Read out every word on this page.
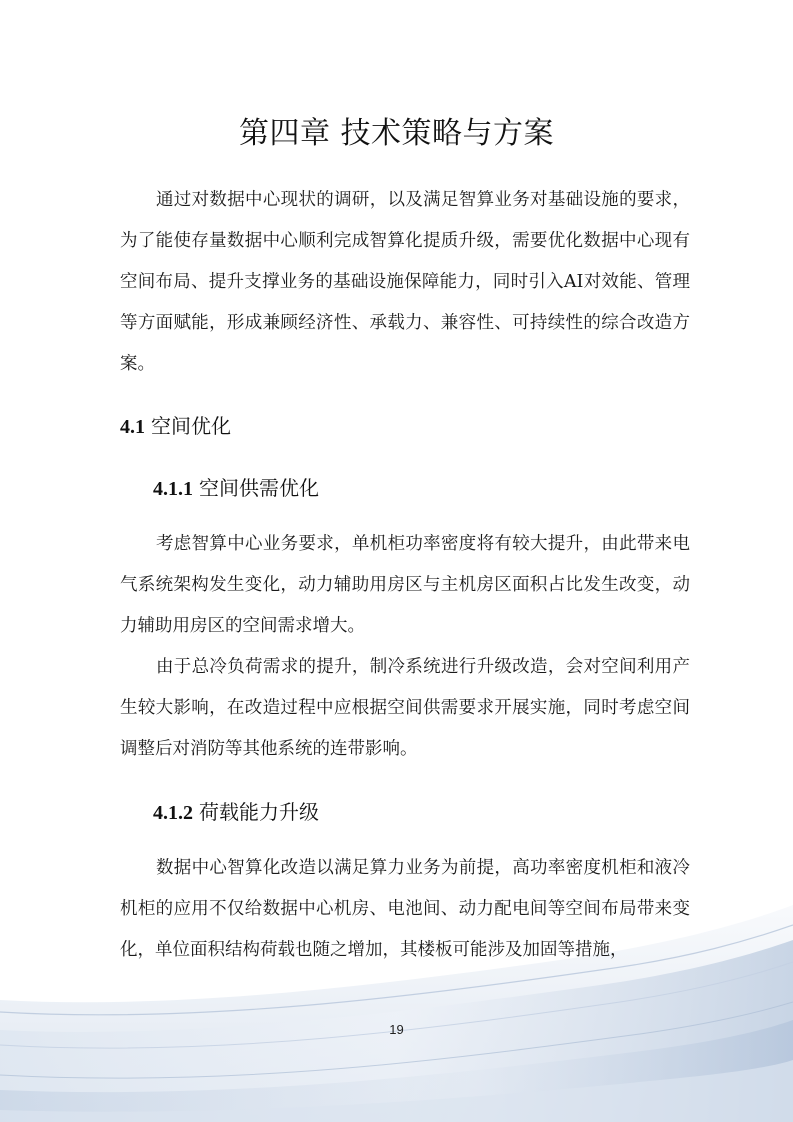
第四章 技术策略与方案

通过对数据中心现状的调研，以及满足智算业务对基础设施的要求，为了能使存量数据中心顺利完成智算化提质升级，需要优化数据中心现有空间布局、提升支撑业务的基础设施保障能力，同时引入AI对效能、管理等方面赋能，形成兼顾经济性、承载力、兼容性、可持续性的综合改造方案。

4.1 空间优化
4.1.1 空间供需优化

考虑智算中心业务要求，单机柜功率密度将有较大提升，由此带来电气系统架构发生变化，动力辅助用房区与主机房区面积占比发生改变，动力辅助用房区的空间需求增大。

由于总冷负荷需求的提升，制冷系统进行升级改造，会对空间利用产生较大影响，在改造过程中应根据空间供需要求开展实施，同时考虑空间调整后对消防等其他系统的连带影响。

4.1.2 荷载能力升级

数据中心智算化改造以满足算力业务为前提，高功率密度机柜和液冷机柜的应用不仅给数据中心机房、电池间、动力配电间等空间布局带来变化，单位面积结构荷载也随之增加，其楼板可能涉及加固等措施，

19
